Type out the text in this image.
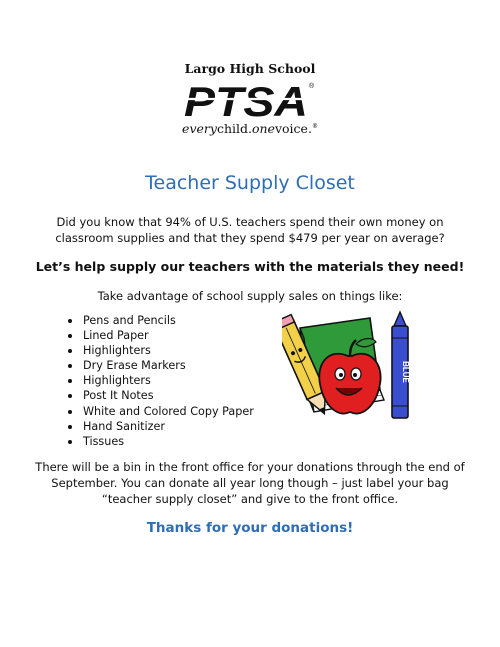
Largo High School
PTSA ®
everychild.onevoice.®
Teacher Supply Closet
Did you know that 94% of U.S. teachers spend their own money on classroom supplies and that they spend $479 per year on average?
Let’s help supply our teachers with the materials they need!
Take advantage of school supply sales on things like:
Pens and Pencils
Lined Paper
Highlighters
Dry Erase Markers
Highlighters
Post It Notes
White and Colored Copy Paper
Hand Sanitizer
Tissues
BLUE
There will be a bin in the front office for your donations through the end of September. You can donate all year long though – just label your bag “teacher supply closet” and give to the front office.
Thanks for your donations!
